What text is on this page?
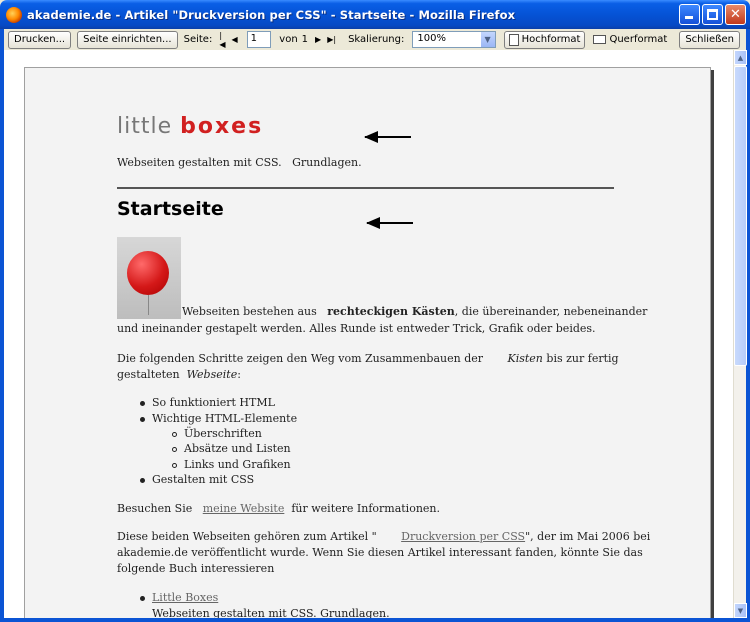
akademie.de - Artikel "Druckversion per CSS" - Startseite - Mozilla Firefox	✕
Drucken...	Seite einrichten...	Seite: |◀ ◀	1	von 1 ▶ ▶| Skalierung:	100%	▼	Hochformat	Querformat	Schließen
little boxes
Webseiten gestalten mit CSS. Grundlagen.
Startseite
Webseiten bestehen aus rechteckigen Kästen, die übereinander, nebeneinander
und ineinander gestapelt werden. Alles Runde ist entweder Trick, Grafik oder beides.
Die folgenden Schritte zeigen den Weg vom Zusammenbauen der Kisten bis zur fertig
gestalteten Webseite:
So funktioniert HTML
Wichtige HTML-Elemente
Überschriften
Absätze und Listen
Links und Grafiken
Gestalten mit CSS
Besuchen Sie meine Website für weitere Informationen.
Diese beiden Webseiten gehören zum Artikel " Druckversion per CSS", der im Mai 2006 bei
akademie.de veröffentlicht wurde. Wenn Sie diesen Artikel interessant fanden, könnte Sie das
folgende Buch interessieren
Little Boxes
Webseiten gestalten mit CSS. Grundlagen.
▲
▼
